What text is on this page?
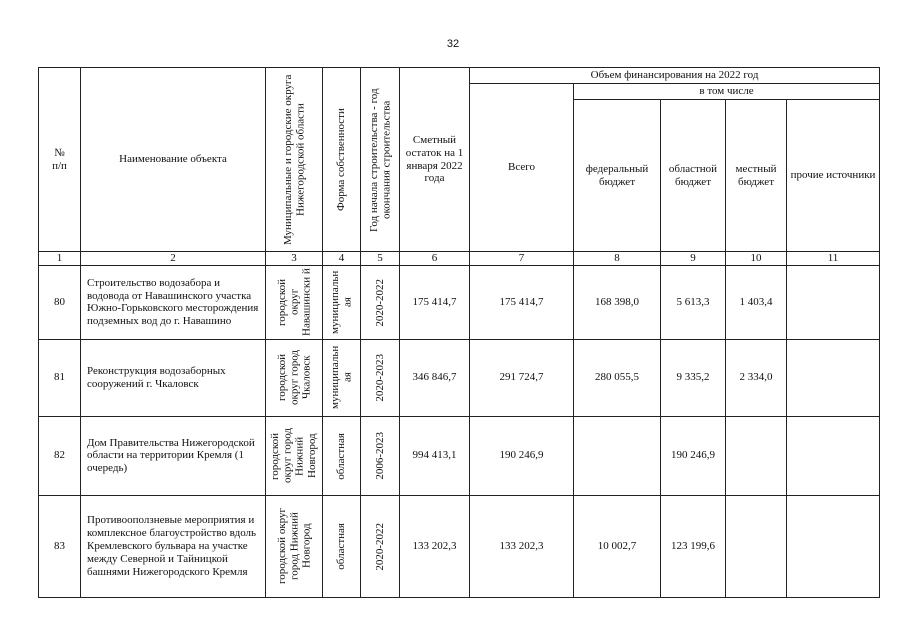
32
№
п/п	Наименование объекта	Муниципальные и городские округа Нижегородской области	Форма собственности	Год начала строительства - год окончания строительства	Сметный остаток на 1 января 2022 года	Объем финансирования на 2022 год				
						Всего	в том числе			
							федеральный бюджет	областной бюджет	местный бюджет	прочие источники
1	2	3	4	5	6	7	8	9	10	11
80	Строительство водозабора и водовода от Навашинского участка Южно-Горьковского месторождения подземных вод до г. Навашино	городской округ Навашински й	муниципальн ая	2020-2022	175 414,7	175 414,7	168 398,0	5 613,3	1 403,4	
81	Реконструкция водозаборных сооружений г. Чкаловск	городской округ город Чкаловск	муниципальн ая	2020-2023	346 846,7	291 724,7	280 055,5	9 335,2	2 334,0	
82	Дом Правительства Нижегородской области на территории Кремля (1 очередь)	городской округ город Нижний Новгород	областная	2006-2023	994 413,1	190 246,9		190 246,9		
83	Противооползневые мероприятия и комплексное благоустройство вдоль Кремлевского бульвара на участке между Северной и Тайницкой башнями Нижегородского Кремля	городской округ город Нижний Новгород	областная	2020-2022	133 202,3	133 202,3	10 002,7	123 199,6		
